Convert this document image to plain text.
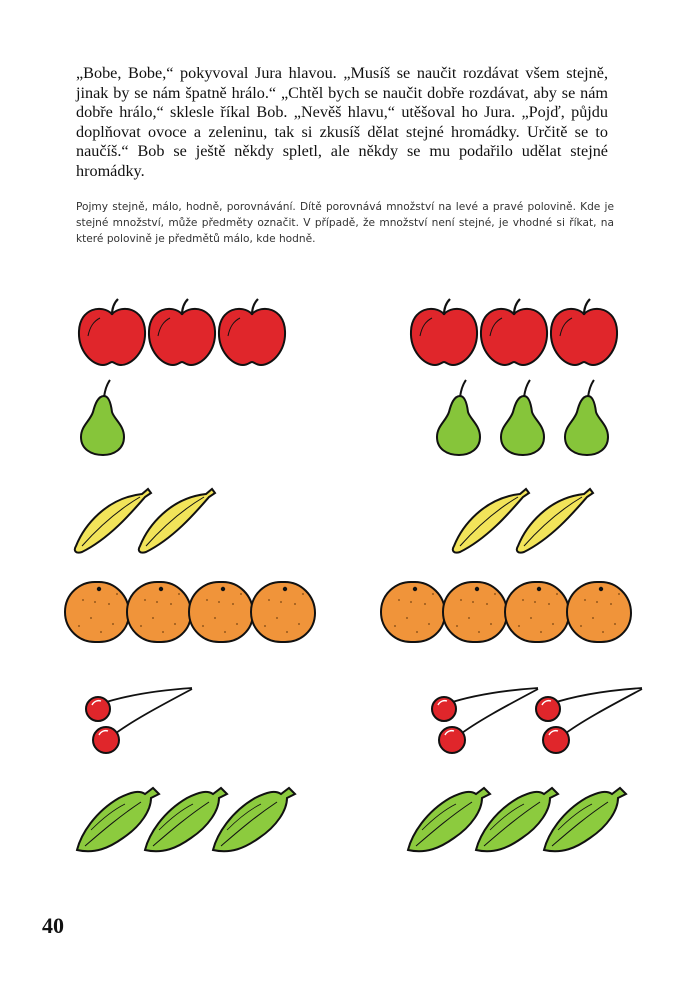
„Bobe, Bobe,“ pokyvoval Jura hlavou. „Musíš se naučit rozdávat všem stejně, jinak by se nám špatně hrálo.“ „Chtěl bych se naučit dobře rozdávat, aby se nám dobře hrálo,“ sklesle říkal Bob. „Nevěš hlavu,“ utěšoval ho Jura. „Pojď, půjdu doplňovat ovoce a zeleninu, tak si zkusíš dělat stejné hromádky. Určitě se to naučíš.“ Bob se ještě někdy spletl, ale někdy se mu podařilo udělat stejné hromádky.

Pojmy stejně, málo, hodně, porovnávání. Dítě porovnává množství na levé a pravé polovině. Kde je stejné množství, může předměty označit. V případě, že množství není stejné, je vhodné si říkat, na které polovině je předmětů málo, kde hodně.

40
